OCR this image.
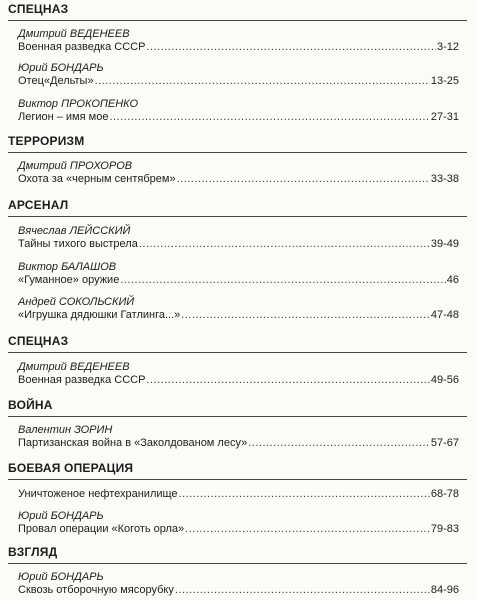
СПЕЦНАЗ
Дмитрий ВЕДЕНЕЕВ
Военная разведка СССР .....	3-12
Юрий БОНДАРЬ
Отец«Дельты» .....	13-25
Виктор ПРОКОПЕНКО
Легион – имя мое .....	27-31
ТЕРРОРИЗМ
Дмитрий ПРОХОРОВ
Охота за «черным сентябрем» .....	33-38
АРСЕНАЛ
Вячеслав ЛЕЙССКИЙ
Тайны тихого выстрела .....	39-49
Виктор БАЛАШОВ
«Гуманное» оружие .....	46
Андрей СОКОЛЬСКИЙ
«Игрушка дядюшки Гатлинга...» .....	47-48
СПЕЦНАЗ
Дмитрий ВЕДЕНЕЕВ
Военная разведка СССР .....	49-56
ВОЙНА
Валентин ЗОРИН
Партизанская война в «Заколдованом лесу» .....	57-67
БОЕВАЯ ОПЕРАЦИЯ
Уничтоженое нефтехранилище .....	68-78
Юрий БОНДАРЬ
Провал операции «Коготь орла» .....	79-83
ВЗГЛЯД
Юрий БОНДАРЬ
Сквозь отборочную мясорубку .....	84-96
